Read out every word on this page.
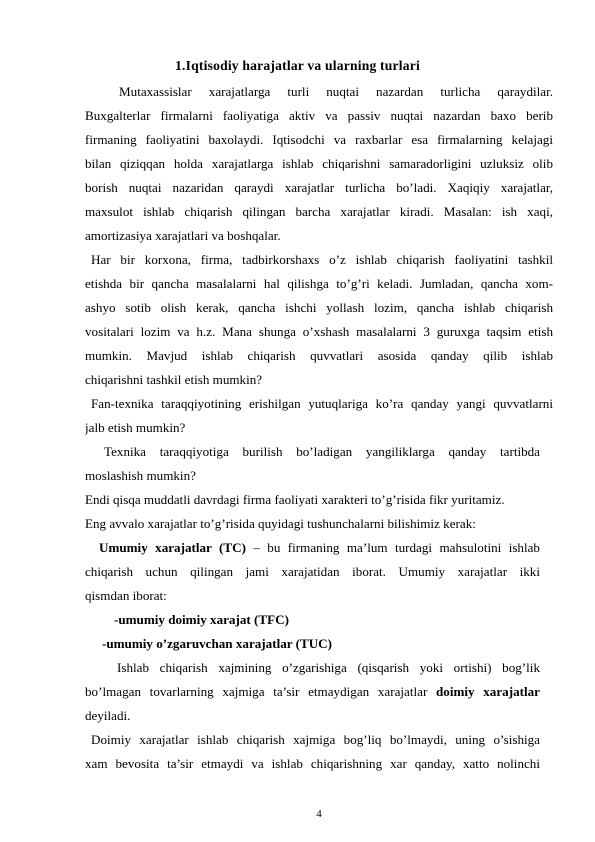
1.Iqtisodiy harajatlar va ularning turlari
Mutaxassislar xarajatlarga turli nuqtai nazardan turlicha qaraydilar.
Buxgalterlar firmalarni faoliyatiga aktiv va passiv nuqtai nazardan baxo berib
firmaning faoliyatini baxolaydi. Iqtisodchi va raxbarlar esa firmalarning kelajagi
bilan qiziqqan holda xarajatlarga ishlab chiqarishni samaradorligini uzluksiz olib
borish nuqtai nazaridan qaraydi xarajatlar turlicha bo’ladi. Xaqiqiy xarajatlar,
maxsulot ishlab chiqarish qilingan barcha xarajatlar kiradi. Masalan: ish xaqi,
amortizasiya xarajatlari va boshqalar.
Har bir korxona, firma, tadbirkorshaxs o’z ishlab chiqarish faoliyatini tashkil
etishda bir qancha masalalarni hal qilishga to’g’ri keladi. Jumladan, qancha xom-
ashyo sotib olish kerak, qancha ishchi yollash lozim, qancha ishlab chiqarish
vositalari lozim va h.z. Mana shunga o’xshash masalalarni 3 guruxga taqsim etish
mumkin. Mavjud ishlab chiqarish quvvatlari asosida qanday qilib ishlab
chiqarishni tashkil etish mumkin?
Fan-texnika taraqqiyotining erishilgan yutuqlariga ko’ra qanday yangi quvvatlarni
jalb etish mumkin?
Texnika taraqqiyotiga burilish bo’ladigan yangiliklarga qanday tartibda
moslashish mumkin?
Endi qisqa muddatli davrdagi firma faoliyati xarakteri to’g’risida fikr yuritamiz.
Eng avvalo xarajatlar to’g’risida quyidagi tushunchalarni bilishimiz kerak:
Umumiy xarajatlar (TC) – bu firmaning ma’lum turdagi mahsulotini ishlab
chiqarish uchun qilingan jami xarajatidan iborat. Umumiy xarajatlar ikki
qismdan iborat:
-umumiy doimiy xarajat (TFC)
-umumiy o’zgaruvchan xarajatlar (TUC)
Ishlab chiqarish xajmining o’zgarishiga (qisqarish yoki ortishi) bog’lik
bo’lmagan tovarlarning xajmiga ta’sir etmaydigan xarajatlar doimiy xarajatlar
deyiladi.
Doimiy xarajatlar ishlab chiqarish xajmiga bog’liq bo’lmaydi, uning o’sishiga
xam bevosita ta’sir etmaydi va ishlab chiqarishning xar qanday, xatto nolinchi
4
